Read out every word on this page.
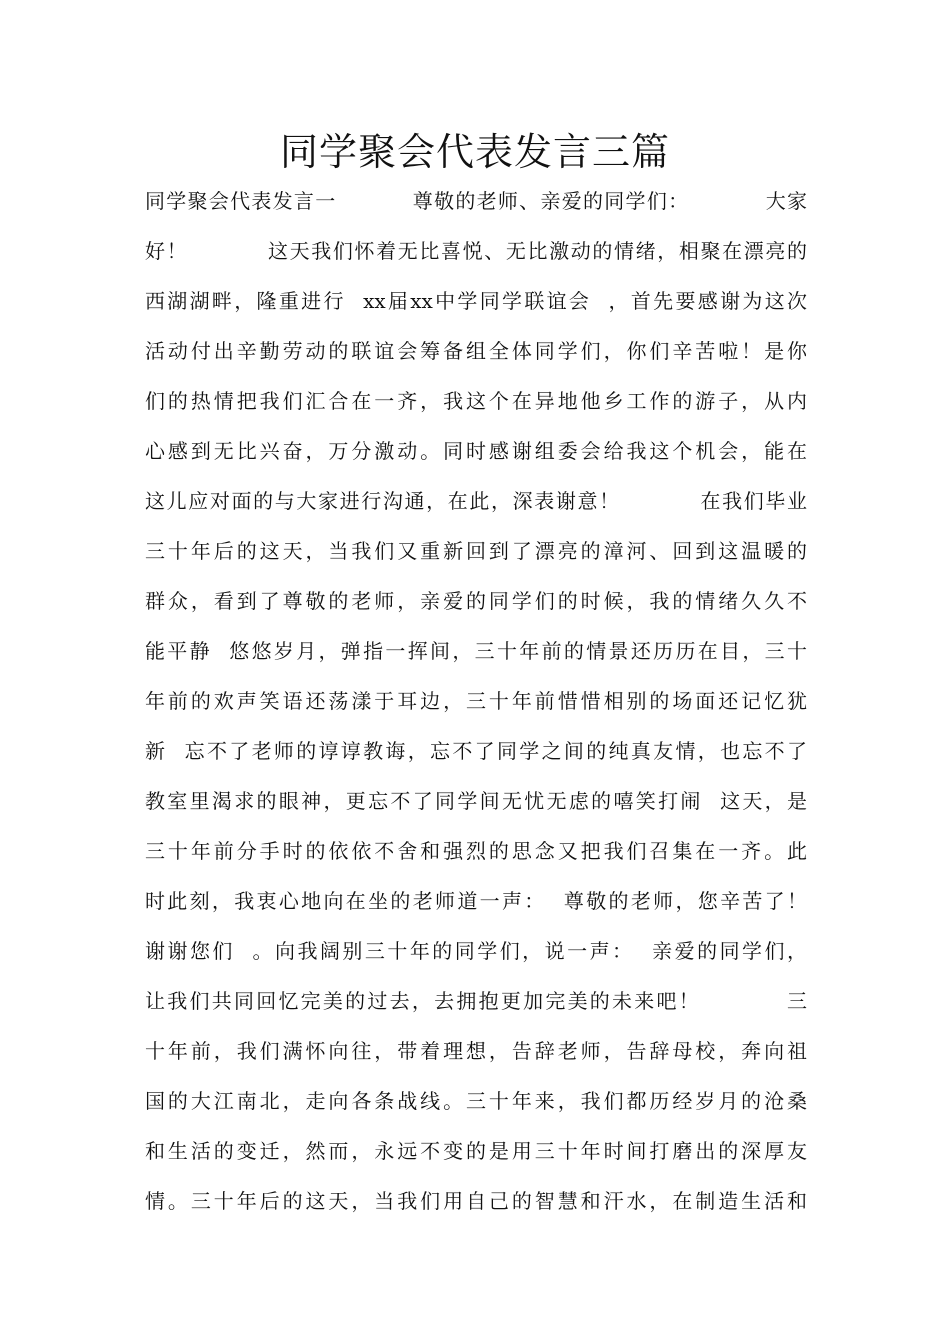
同学聚会代表发言三篇
同学聚会代表发言一          尊敬的老师、亲爱的同学们：          大家
好！          这天我们怀着无比喜悦、无比激动的情绪，相聚在漂亮的
西湖湖畔，隆重进行  xx届xx中学同学联谊会  ，首先要感谢为这次
活动付出辛勤劳动的联谊会筹备组全体同学们，你们辛苦啦！是你
们的热情把我们汇合在一齐，我这个在异地他乡工作的游子，从内
心感到无比兴奋，万分激动。同时感谢组委会给我这个机会，能在
这儿应对面的与大家进行沟通，在此，深表谢意！          在我们毕业
三十年后的这天，当我们又重新回到了漂亮的漳河、回到这温暖的
群众，看到了尊敬的老师，亲爱的同学们的时候，我的情绪久久不
能平静  悠悠岁月，弹指一挥间，三十年前的情景还历历在目，三十
年前的欢声笑语还荡漾于耳边，三十年前惜惜相别的场面还记忆犹
新  忘不了老师的谆谆教诲，忘不了同学之间的纯真友情，也忘不了
教室里渴求的眼神，更忘不了同学间无忧无虑的嘻笑打闹  这天，是
三十年前分手时的依依不舍和强烈的思念又把我们召集在一齐。此
时此刻，我衷心地向在坐的老师道一声：  尊敬的老师，您辛苦了！
谢谢您们  。向我阔别三十年的同学们，说一声：  亲爱的同学们，
让我们共同回忆完美的过去，去拥抱更加完美的未来吧！          三
十年前，我们满怀向往，带着理想，告辞老师，告辞母校，奔向祖
国的大江南北，走向各条战线。三十年来，我们都历经岁月的沧桑
和生活的变迁，然而，永远不变的是用三十年时间打磨出的深厚友
情。三十年后的这天，当我们用自己的智慧和汗水，在制造生活和
